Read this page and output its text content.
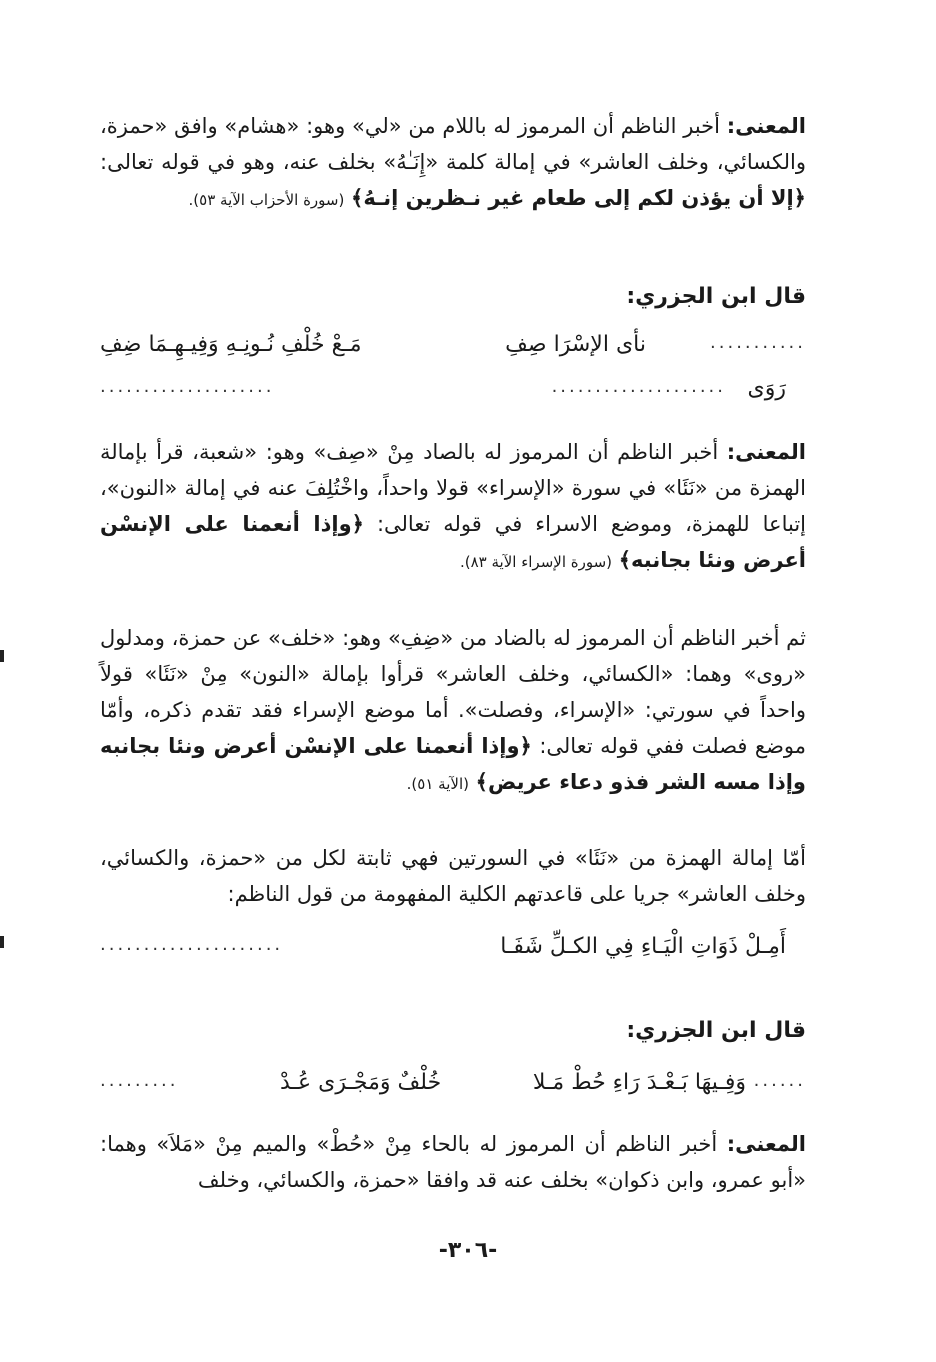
المعنى: أخبر الناظم أن المرموز له باللام من «لي» وهو: «هشام» وافق «حمزة، والكسائي، وخلف العاشر» في إمالة كلمة «إِنَـٰهُ» بخلف عنه، وهو في قوله تعالى: ﴿إلا أن يؤذن لكم إلى طعام غير نـظرين إنـهُ﴾ (سورة الأحزاب الآية ٥٣).

قال ابن الجزري:
...........
نأى الإسْرَا صِفِ
مَـعْ خُلْفِ نُـونِـهِ وَفِيـهِـمَا ضِفِ
رَوَى
....................
....................

المعنى: أخبر الناظم أن المرموز له بالصاد مِنْ «صِف» وهو: «شعبة، قرأ بإمالة الهمزة من «نَئَا» في سورة «الإسراء» قولا واحداً، واخْتُلِفَ عنه في إمالة «النون»، إتباعا للهمزة، وموضع الاسراء في قوله تعالى: ﴿وإذا أنعمنا على الإنسْن أعرض ونئا بجانبه﴾ (سورة الإسراء الآية ٨٣).

ثم أخبر الناظم أن المرموز له بالضاد من «ضِفِ» وهو: «خلف» عن حمزة، ومدلول «روى» وهما: «الكسائي، وخلف العاشر» قرأوا بإمالة «النون» مِنْ «نَئَا» قولاً واحداً في سورتي: «الإسراء، وفصلت». أما موضع الإسراء فقد تقدم ذكره، وأمّا موضع فصلت ففي قوله تعالى: ﴿وإذا أنعمنا على الإنسْن أعرض ونئا بجانبه وإذا مسه الشر فذو دعاء عريض﴾ (الآية ٥١).

أمّا إمالة الهمزة من «نَئَا» في السورتين فهي ثابتة لكل من «حمزة، والكسائي، وخلف العاشر» جريا على قاعدتهم الكلية المفهومة من قول الناظم:

أَمِـلْ ذَوَاتِ الْيَـاءِ فِي الكـلِّ شَفَـا
.....................
قال ابن الجزري:
......
وَفِـيهَا بَـعْـدَ رَاءِ حُطْ مَـلا
خُلْفٌ وَمَجْـرَى عُـدْ
.........

المعنى: أخبر الناظم أن المرموز له بالحاء مِنْ «حُطْ» والميم مِنْ «مَلاَ» وهما: «أبو عمرو، وابن ذكوان» بخلف عنه قد وافقا «حمزة، والكسائي، وخلف

-٣٠٦-
